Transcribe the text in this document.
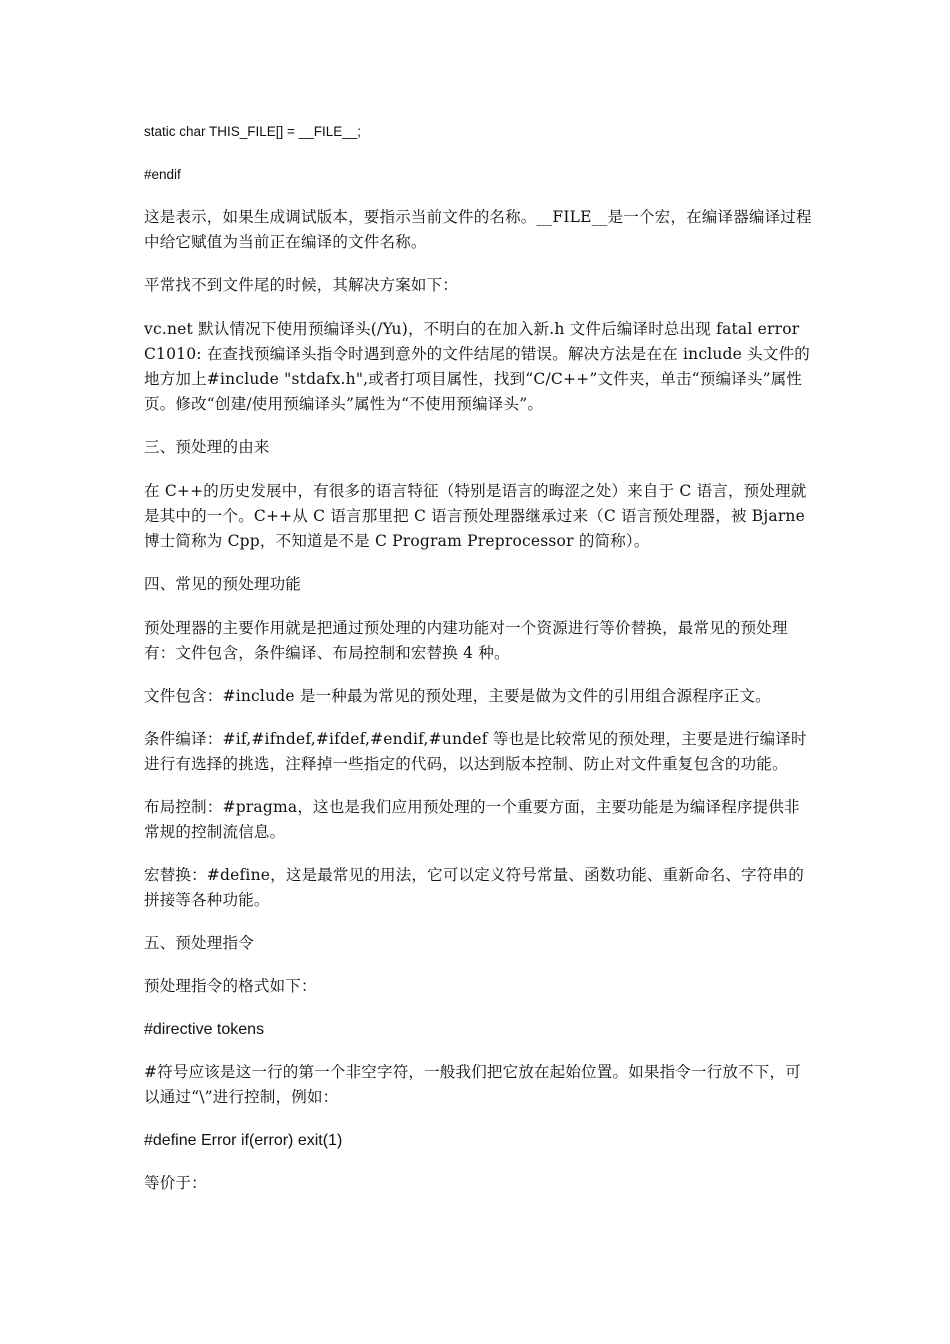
static char THIS_FILE[] = __FILE__;

#endif

这是表示，如果生成调试版本，要指示当前文件的名称。__FILE__是一个宏，在编译器编译过程中给它赋值为当前正在编译的文件名称。

平常找不到文件尾的时候，其解决方案如下：

vc.net 默认情况下使用预编译头(/Yu)，不明白的在加入新.h 文件后编译时总出现 fatal error C1010: 在查找预编译头指令时遇到意外的文件结尾的错误。解决方法是在在 include 头文件的地方加上#include "stdafx.h",或者打项目属性，找到“C/C++”文件夹，单击“预编译头”属性页。修改“创建/使用预编译头”属性为“不使用预编译头”。

三、预处理的由来

在 C++的历史发展中，有很多的语言特征（特别是语言的晦涩之处）来自于 C 语言，预处理就是其中的一个。C++从 C 语言那里把 C 语言预处理器继承过来（C 语言预处理器，被 Bjarne 博士简称为 Cpp，不知道是不是 C Program Preprocessor 的简称）。

四、常见的预处理功能

预处理器的主要作用就是把通过预处理的内建功能对一个资源进行等价替换，最常见的预处理有：文件包含，条件编译、布局控制和宏替换 4 种。

文件包含：#include 是一种最为常见的预处理，主要是做为文件的引用组合源程序正文。

条件编译：#if,#ifndef,#ifdef,#endif,#undef 等也是比较常见的预处理，主要是进行编译时进行有选择的挑选，注释掉一些指定的代码，以达到版本控制、防止对文件重复包含的功能。

布局控制：#pragma，这也是我们应用预处理的一个重要方面，主要功能是为编译程序提供非常规的控制流信息。

宏替换：#define，这是最常见的用法，它可以定义符号常量、函数功能、重新命名、字符串的拼接等各种功能。

五、预处理指令

预处理指令的格式如下：

#directive tokens

#符号应该是这一行的第一个非空字符，一般我们把它放在起始位置。如果指令一行放不下，可以通过“\”进行控制，例如：

#define Error if(error) exit(1)

等价于：
